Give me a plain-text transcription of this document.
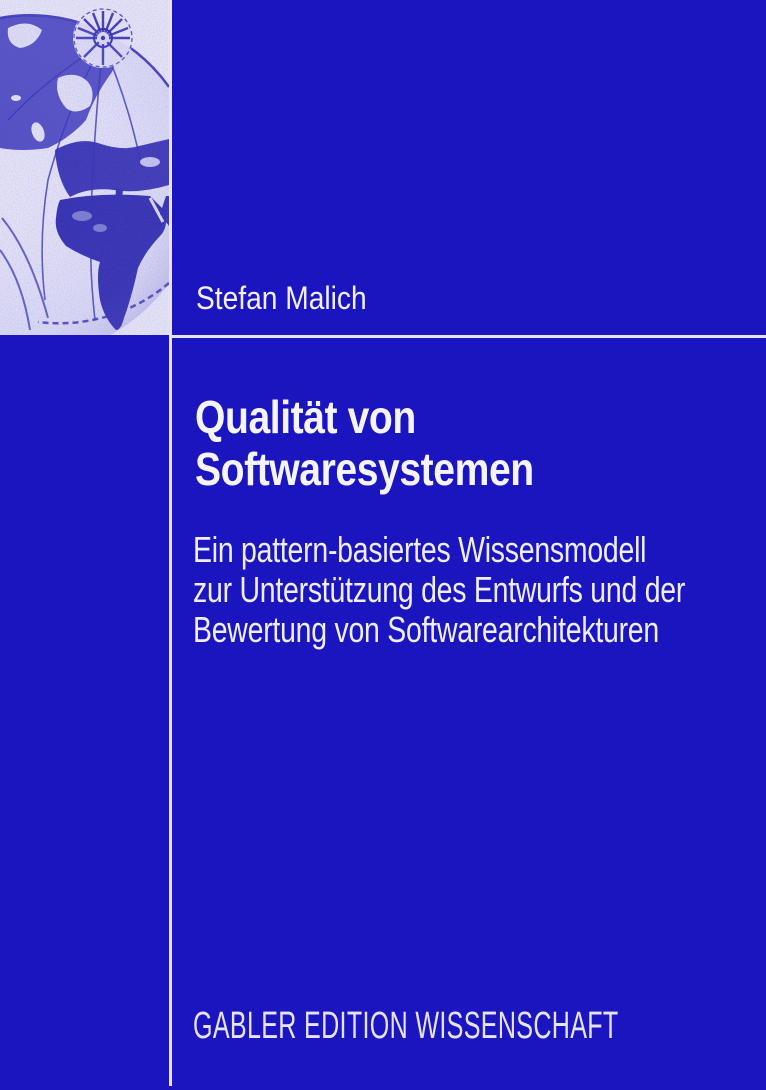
Stefan Malich
Qualität von
Softwaresystemen
Ein pattern-basiertes Wissensmodell
zur Unterstützung des Entwurfs und der
Bewertung von Softwarearchitekturen
GABLER EDITION WISSENSCHAFT
